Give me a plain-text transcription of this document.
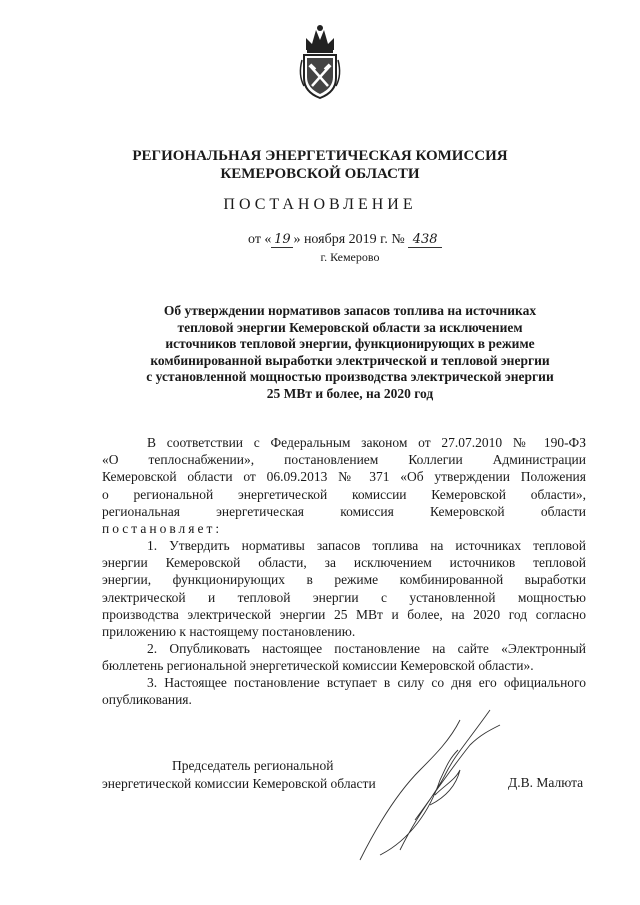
РЕГИОНАЛЬНАЯ ЭНЕРГЕТИЧЕСКАЯ КОМИССИЯ
КЕМЕРОВСКОЙ ОБЛАСТИ
ПОСТАНОВЛЕНИЕ
от « 19 » ноября 2019 г. № 438
г. Кемерово
Об утверждении нормативов запасов топлива на источниках
тепловой энергии Кемеровской области за исключением
источников тепловой энергии, функционирующих в режиме
комбинированной выработки электрической и тепловой энергии
с установленной мощностью производства электрической энергии
25 МВт и более, на 2020 год
В соответствии с Федеральным законом от 27.07.2010 № 190-ФЗ
«О теплоснабжении», постановлением Коллегии Администрации
Кемеровской области от 06.09.2013 № 371 «Об утверждении Положения
о региональной энергетической комиссии Кемеровской области»,
региональная энергетическая комиссия Кемеровской области
постановляет:
1. Утвердить нормативы запасов топлива на источниках тепловой
энергии Кемеровской области, за исключением источников тепловой
энергии, функционирующих в режиме комбинированной выработки
электрической и тепловой энергии с установленной мощностью
производства электрической энергии 25 МВт и более, на 2020 год согласно приложению к настоящему постановлению.
2. Опубликовать настоящее постановление на сайте «Электронный
бюллетень региональной энергетической комиссии Кемеровской области».
3. Настоящее постановление вступает в силу со дня его официального
опубликования.
Председатель региональной
энергетической комиссии Кемеровской области	Д.В. Малюта
